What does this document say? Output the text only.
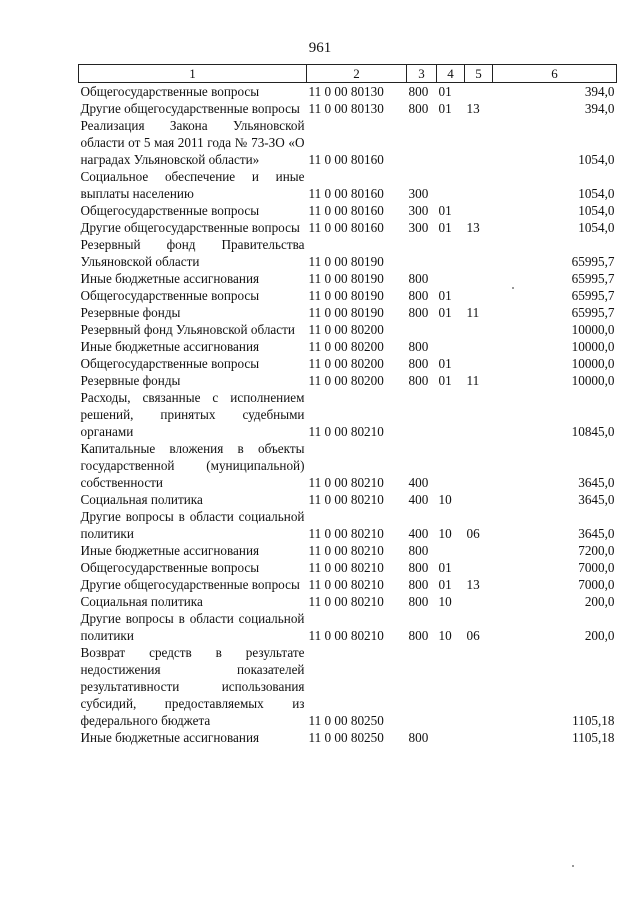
961
1	2	3	4	5	6
Общегосударственные вопросы	11 0 00 80130	800	01		394,0
Другие общегосударственные вопросы	11 0 00 80130	800	01	13	394,0
Реализация Закона Ульяновской области от 5 мая 2011 года № 73-ЗО «О наградах Ульяновской области»	11 0 00 80160				1054,0
Социальное обеспечение и иные выплаты населению	11 0 00 80160	300			1054,0
Общегосударственные вопросы	11 0 00 80160	300	01		1054,0
Другие общегосударственные вопросы	11 0 00 80160	300	01	13	1054,0
Резервный фонд Правительства Ульяновской области	11 0 00 80190				65995,7
Иные бюджетные ассигнования	11 0 00 80190	800			65995,7
Общегосударственные вопросы	11 0 00 80190	800	01		65995,7
Резервные фонды	11 0 00 80190	800	01	11	65995,7
Резервный фонд Ульяновской области	11 0 00 80200				10000,0
Иные бюджетные ассигнования	11 0 00 80200	800			10000,0
Общегосударственные вопросы	11 0 00 80200	800	01		10000,0
Резервные фонды	11 0 00 80200	800	01	11	10000,0
Расходы, связанные с исполнением решений, принятых судебными органами	11 0 00 80210				10845,0
Капитальные вложения в объекты государственной (муниципальной) собственности	11 0 00 80210	400			3645,0
Социальная политика	11 0 00 80210	400	10		3645,0
Другие вопросы в области социальной политики	11 0 00 80210	400	10	06	3645,0
Иные бюджетные ассигнования	11 0 00 80210	800			7200,0
Общегосударственные вопросы	11 0 00 80210	800	01		7000,0
Другие общегосударственные вопросы	11 0 00 80210	800	01	13	7000,0
Социальная политика	11 0 00 80210	800	10		200,0
Другие вопросы в области социальной политики	11 0 00 80210	800	10	06	200,0
Возврат средств в результате недостижения показателей результативности использования субсидий, предоставляемых из федерального бюджета	11 0 00 80250				1105,18
Иные бюджетные ассигнования	11 0 00 80250	800			1105,18
